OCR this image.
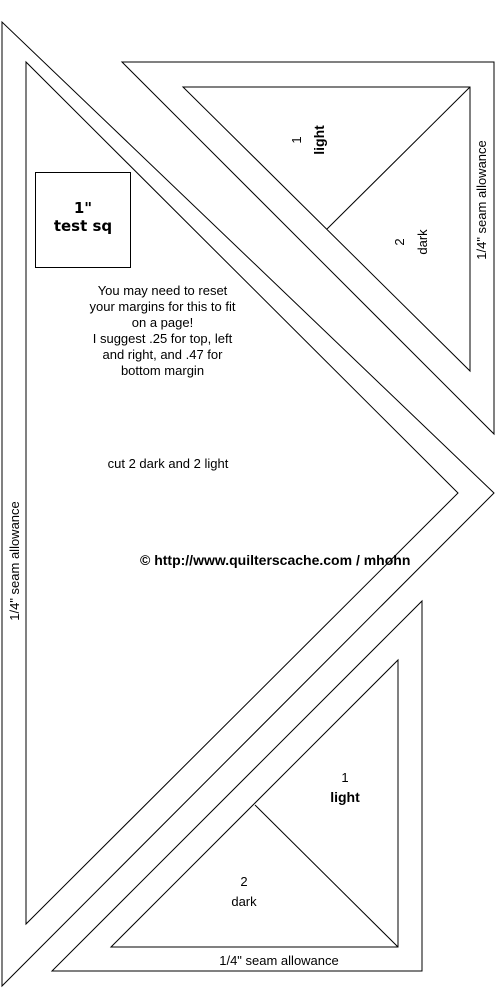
1/4" seam allowance
1/4" seam allowance
1/4" seam allowance
1 light
2 dark
1
light
2
dark
1"
test sq
You may need to reset
your margins for this to fit
on a page!
I suggest .25 for top, left
and right, and .47 for
bottom margin
cut 2 dark and 2 light
© http://www.quilterscache.com / mhohn
